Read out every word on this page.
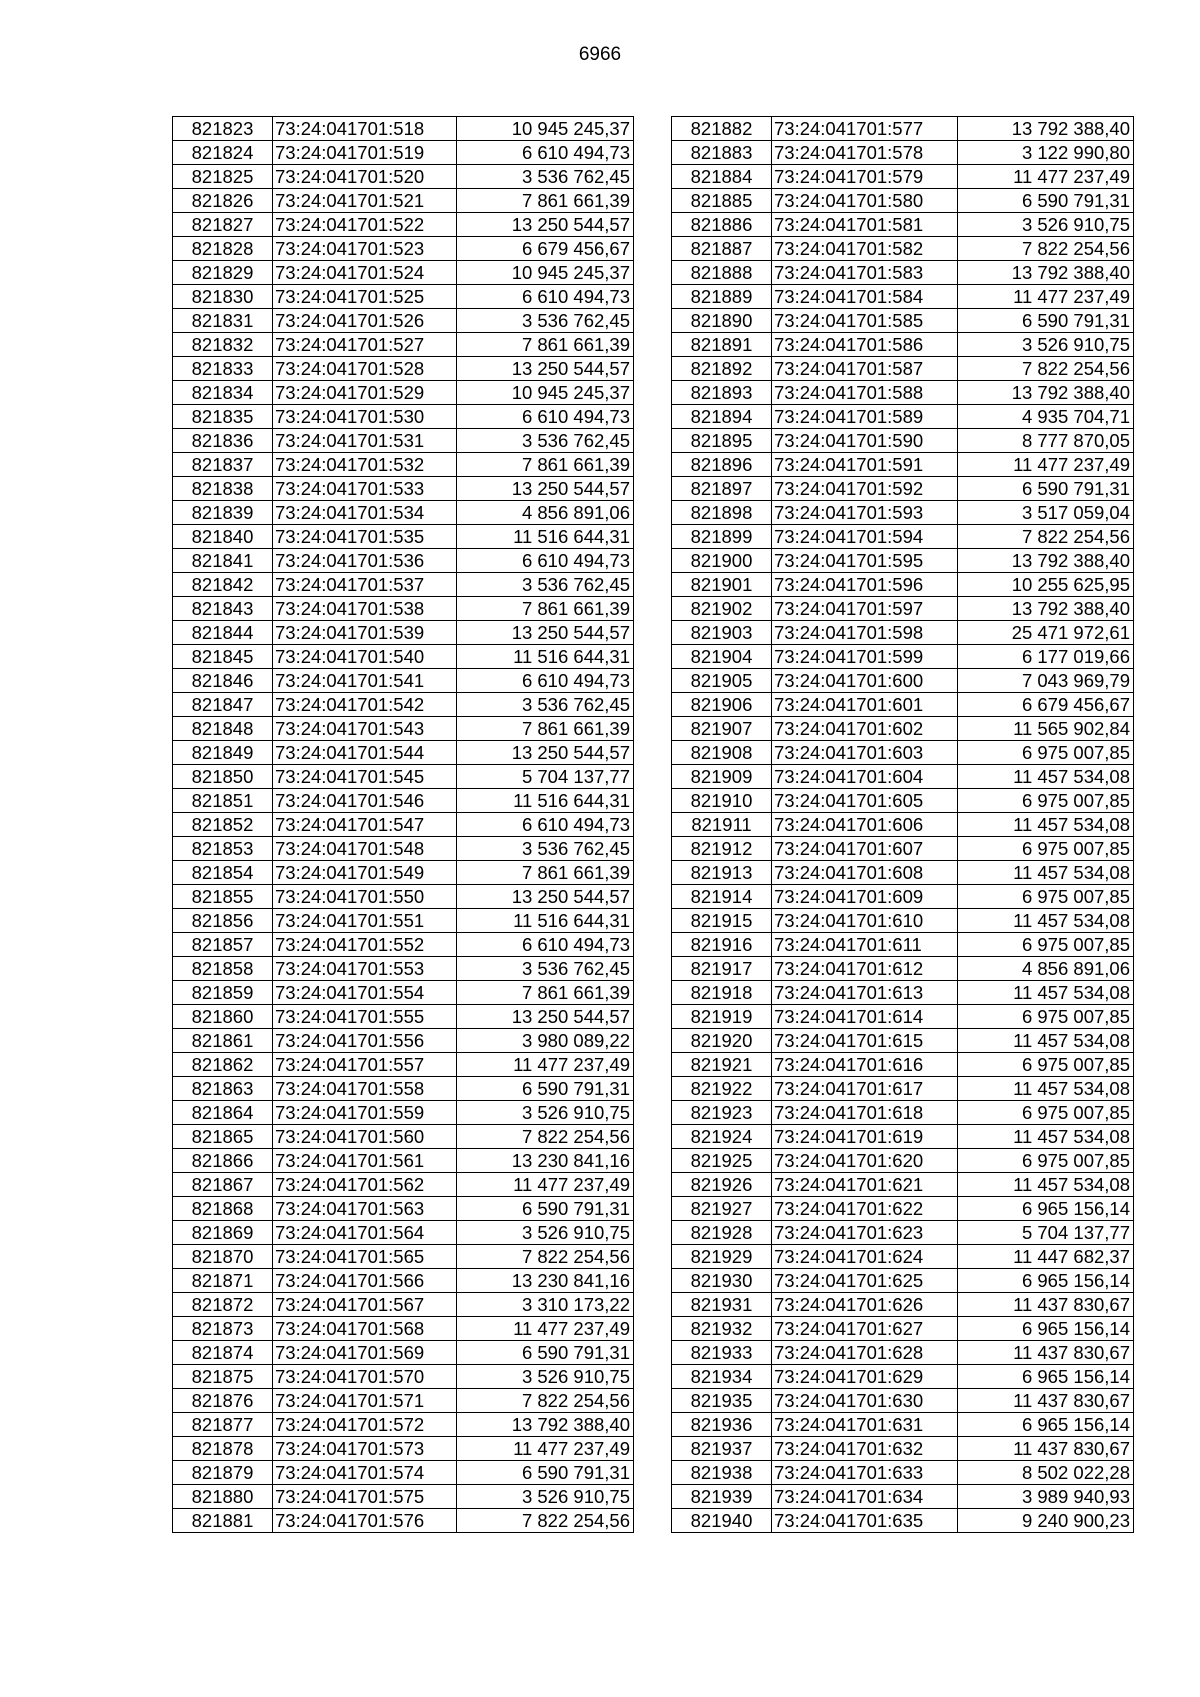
6966
821823	73:24:041701:518	10 945 245,37
821824	73:24:041701:519	6 610 494,73
821825	73:24:041701:520	3 536 762,45
821826	73:24:041701:521	7 861 661,39
821827	73:24:041701:522	13 250 544,57
821828	73:24:041701:523	6 679 456,67
821829	73:24:041701:524	10 945 245,37
821830	73:24:041701:525	6 610 494,73
821831	73:24:041701:526	3 536 762,45
821832	73:24:041701:527	7 861 661,39
821833	73:24:041701:528	13 250 544,57
821834	73:24:041701:529	10 945 245,37
821835	73:24:041701:530	6 610 494,73
821836	73:24:041701:531	3 536 762,45
821837	73:24:041701:532	7 861 661,39
821838	73:24:041701:533	13 250 544,57
821839	73:24:041701:534	4 856 891,06
821840	73:24:041701:535	11 516 644,31
821841	73:24:041701:536	6 610 494,73
821842	73:24:041701:537	3 536 762,45
821843	73:24:041701:538	7 861 661,39
821844	73:24:041701:539	13 250 544,57
821845	73:24:041701:540	11 516 644,31
821846	73:24:041701:541	6 610 494,73
821847	73:24:041701:542	3 536 762,45
821848	73:24:041701:543	7 861 661,39
821849	73:24:041701:544	13 250 544,57
821850	73:24:041701:545	5 704 137,77
821851	73:24:041701:546	11 516 644,31
821852	73:24:041701:547	6 610 494,73
821853	73:24:041701:548	3 536 762,45
821854	73:24:041701:549	7 861 661,39
821855	73:24:041701:550	13 250 544,57
821856	73:24:041701:551	11 516 644,31
821857	73:24:041701:552	6 610 494,73
821858	73:24:041701:553	3 536 762,45
821859	73:24:041701:554	7 861 661,39
821860	73:24:041701:555	13 250 544,57
821861	73:24:041701:556	3 980 089,22
821862	73:24:041701:557	11 477 237,49
821863	73:24:041701:558	6 590 791,31
821864	73:24:041701:559	3 526 910,75
821865	73:24:041701:560	7 822 254,56
821866	73:24:041701:561	13 230 841,16
821867	73:24:041701:562	11 477 237,49
821868	73:24:041701:563	6 590 791,31
821869	73:24:041701:564	3 526 910,75
821870	73:24:041701:565	7 822 254,56
821871	73:24:041701:566	13 230 841,16
821872	73:24:041701:567	3 310 173,22
821873	73:24:041701:568	11 477 237,49
821874	73:24:041701:569	6 590 791,31
821875	73:24:041701:570	3 526 910,75
821876	73:24:041701:571	7 822 254,56
821877	73:24:041701:572	13 792 388,40
821878	73:24:041701:573	11 477 237,49
821879	73:24:041701:574	6 590 791,31
821880	73:24:041701:575	3 526 910,75
821881	73:24:041701:576	7 822 254,56
821882	73:24:041701:577	13 792 388,40
821883	73:24:041701:578	3 122 990,80
821884	73:24:041701:579	11 477 237,49
821885	73:24:041701:580	6 590 791,31
821886	73:24:041701:581	3 526 910,75
821887	73:24:041701:582	7 822 254,56
821888	73:24:041701:583	13 792 388,40
821889	73:24:041701:584	11 477 237,49
821890	73:24:041701:585	6 590 791,31
821891	73:24:041701:586	3 526 910,75
821892	73:24:041701:587	7 822 254,56
821893	73:24:041701:588	13 792 388,40
821894	73:24:041701:589	4 935 704,71
821895	73:24:041701:590	8 777 870,05
821896	73:24:041701:591	11 477 237,49
821897	73:24:041701:592	6 590 791,31
821898	73:24:041701:593	3 517 059,04
821899	73:24:041701:594	7 822 254,56
821900	73:24:041701:595	13 792 388,40
821901	73:24:041701:596	10 255 625,95
821902	73:24:041701:597	13 792 388,40
821903	73:24:041701:598	25 471 972,61
821904	73:24:041701:599	6 177 019,66
821905	73:24:041701:600	7 043 969,79
821906	73:24:041701:601	6 679 456,67
821907	73:24:041701:602	11 565 902,84
821908	73:24:041701:603	6 975 007,85
821909	73:24:041701:604	11 457 534,08
821910	73:24:041701:605	6 975 007,85
821911	73:24:041701:606	11 457 534,08
821912	73:24:041701:607	6 975 007,85
821913	73:24:041701:608	11 457 534,08
821914	73:24:041701:609	6 975 007,85
821915	73:24:041701:610	11 457 534,08
821916	73:24:041701:611	6 975 007,85
821917	73:24:041701:612	4 856 891,06
821918	73:24:041701:613	11 457 534,08
821919	73:24:041701:614	6 975 007,85
821920	73:24:041701:615	11 457 534,08
821921	73:24:041701:616	6 975 007,85
821922	73:24:041701:617	11 457 534,08
821923	73:24:041701:618	6 975 007,85
821924	73:24:041701:619	11 457 534,08
821925	73:24:041701:620	6 975 007,85
821926	73:24:041701:621	11 457 534,08
821927	73:24:041701:622	6 965 156,14
821928	73:24:041701:623	5 704 137,77
821929	73:24:041701:624	11 447 682,37
821930	73:24:041701:625	6 965 156,14
821931	73:24:041701:626	11 437 830,67
821932	73:24:041701:627	6 965 156,14
821933	73:24:041701:628	11 437 830,67
821934	73:24:041701:629	6 965 156,14
821935	73:24:041701:630	11 437 830,67
821936	73:24:041701:631	6 965 156,14
821937	73:24:041701:632	11 437 830,67
821938	73:24:041701:633	8 502 022,28
821939	73:24:041701:634	3 989 940,93
821940	73:24:041701:635	9 240 900,23
